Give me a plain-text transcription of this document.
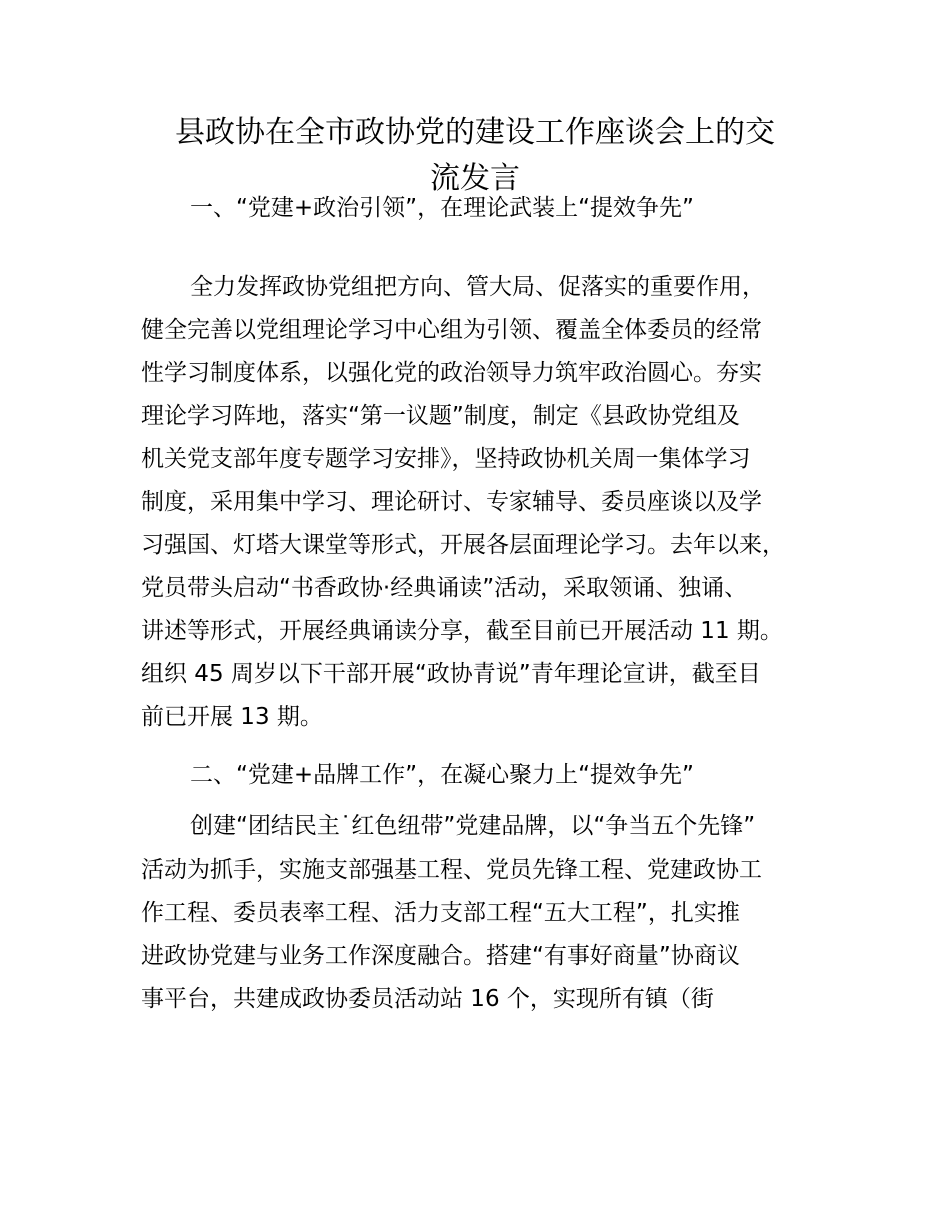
县政协在全市政协党的建设工作座谈会上的交
流发言
一、“党建+政治引领”，在理论武装上“提效争先”
全力发挥政协党组把方向、管大局、促落实的重要作用，
健全完善以党组理论学习中心组为引领、覆盖全体委员的经常
性学习制度体系，以强化党的政治领导力筑牢政治圆心。夯实
理论学习阵地，落实“第一议题”制度，制定《县政协党组及
机关党支部年度专题学习安排》，坚持政协机关周一集体学习
制度，采用集中学习、理论研讨、专家辅导、委员座谈以及学
习强国、灯塔大课堂等形式，开展各层面理论学习。去年以来，
党员带头启动“书香政协·经典诵读”活动，采取领诵、独诵、
讲述等形式，开展经典诵读分享，截至目前已开展活动 11 期。
组织 45 周岁以下干部开展“政协青说”青年理论宣讲，截至目
前已开展 13 期。
二、“党建+品牌工作”，在凝心聚力上“提效争先”
创建“团结民主˙红色纽带”党建品牌，以“争当五个先锋”
活动为抓手，实施支部强基工程、党员先锋工程、党建政协工
作工程、委员表率工程、活力支部工程“五大工程”，扎实推
进政协党建与业务工作深度融合。搭建“有事好商量”协商议
事平台，共建成政协委员活动站 16 个，实现所有镇（街
